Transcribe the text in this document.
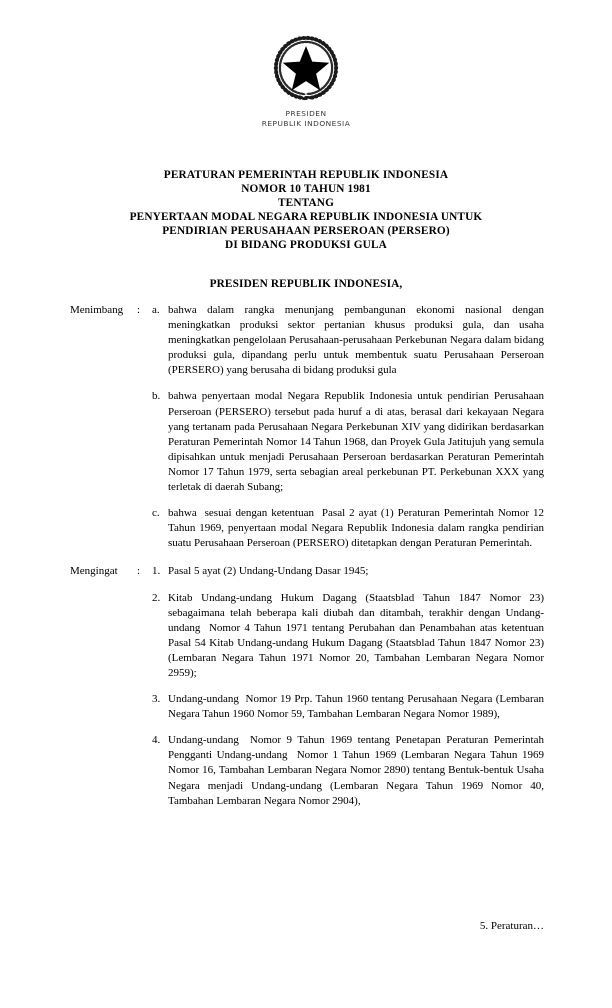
PRESIDEN
REPUBLIK INDONESIA
PERATURAN PEMERINTAH REPUBLIK INDONESIA
NOMOR 10 TAHUN 1981
TENTANG
PENYERTAAN MODAL NEGARA REPUBLIK INDONESIA UNTUK
PENDIRIAN PERUSAHAAN PERSEROAN (PERSERO)
DI BIDANG PRODUKSI GULA
PRESIDEN REPUBLIK INDONESIA,
Menimbang	:	a. bahwa dalam rangka menunjang pembangunan ekonomi nasional dengan meningkatkan produksi sektor pertanian khusus produksi gula, dan usaha meningkatkan pengelolaan Perusahaan-perusahaan Perkebunan Negara dalam bidang produksi gula, dipandang perlu untuk membentuk suatu Perusahaan Perseroan (PERSERO) yang berusaha di bidang produksi gula
b. bahwa penyertaan modal Negara Republik Indonesia untuk pendirian Perusahaan Perseroan (PERSERO) tersebut pada huruf a di atas, berasal dari kekayaan Negara yang tertanam pada Perusahaan Negara Perkebunan XIV yang didirikan berdasarkan Peraturan Pemerintah Nomor 14 Tahun 1968, dan Proyek Gula Jatitujuh yang semula dipisahkan untuk menjadi Perusahaan Perseroan berdasarkan Peraturan Pemerintah  Nomor 17 Tahun 1979, serta sebagian areal perkebunan PT. Perkebunan XXX yang terletak di daerah Subang;
c. bahwa  sesuai dengan ketentuan  Pasal 2 ayat (1) Peraturan Pemerintah Nomor 12 Tahun 1969, penyertaan modal Negara Republik Indonesia dalam rangka pendirian suatu Perusahaan Perseroan (PERSERO) ditetapkan dengan Peraturan Pemerintah.
Mengingat	:	1. Pasal 5 ayat (2) Undang-Undang Dasar 1945;
2. Kitab Undang-undang Hukum Dagang (Staatsblad Tahun 1847 Nomor 23) sebagaimana telah beberapa kali diubah dan ditambah, terakhir dengan Undang-undang  Nomor 4 Tahun 1971 tentang Perubahan dan Penambahan atas ketentuan Pasal 54 Kitab Undang-undang Hukum Dagang (Staatsblad Tahun 1847 Nomor 23) (Lembaran Negara Tahun 1971 Nomor 20, Tambahan Lembaran Negara Nomor 2959);
3. Undang-undang  Nomor 19 Prp. Tahun 1960 tentang Perusahaan Negara (Lembaran Negara Tahun 1960 Nomor 59, Tambahan Lembaran Negara Nomor 1989),
4. Undang-undang  Nomor 9 Tahun 1969 tentang Penetapan Peraturan Pemerintah Pengganti Undang-undang  Nomor 1 Tahun 1969 (Lembaran Negara Tahun 1969 Nomor 16, Tambahan Lembaran Negara Nomor 2890) tentang Bentuk-bentuk Usaha Negara menjadi Undang-undang (Lembaran Negara Tahun 1969 Nomor 40, Tambahan Lembaran Negara Nomor 2904),
5. Peraturan…
